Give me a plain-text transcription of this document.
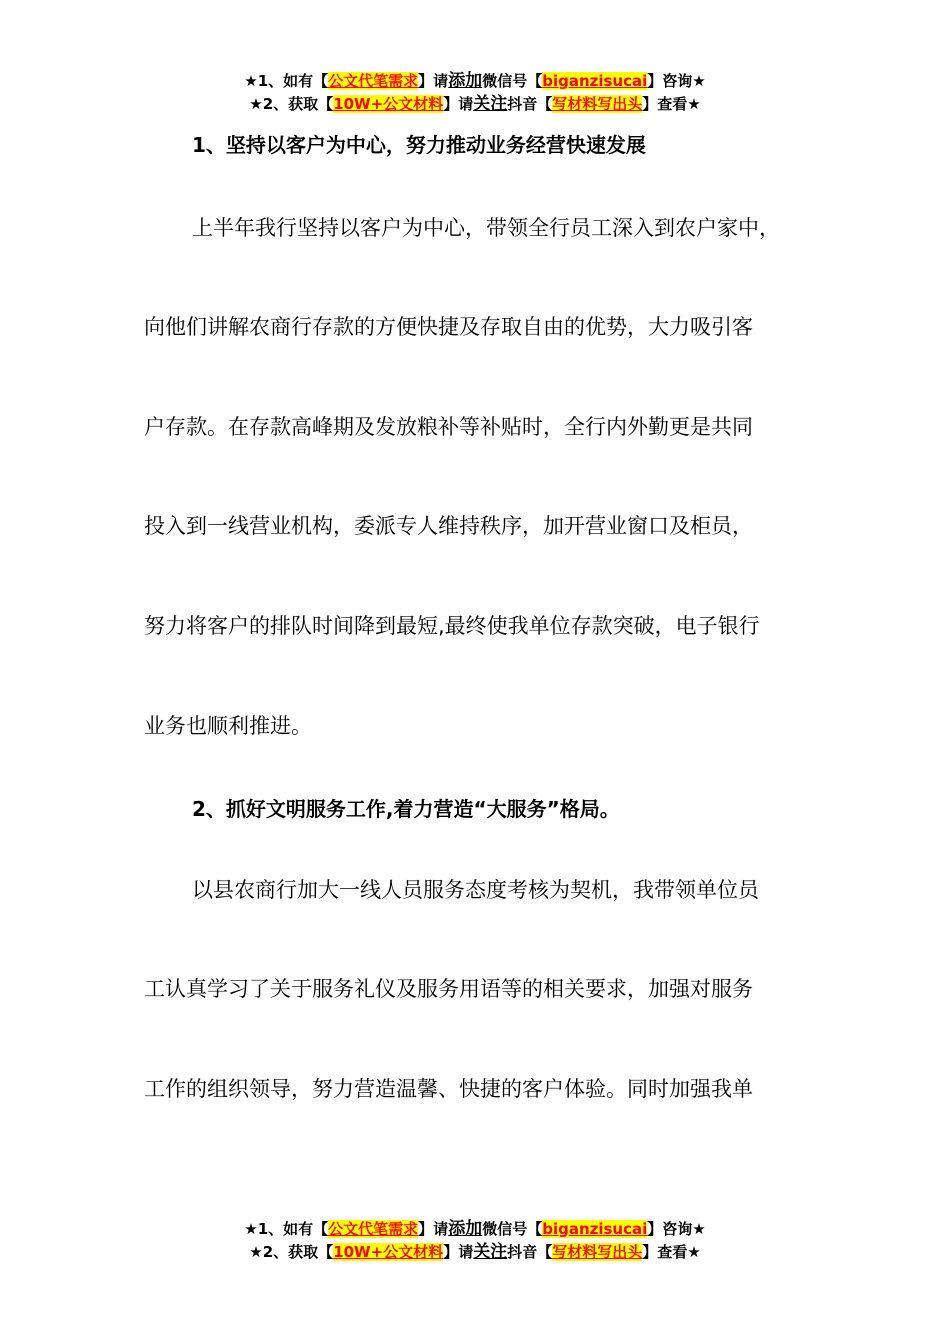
★1、如有【公文代笔需求】请添加微信号【biganzisucai】咨询★
★2、获取【10W+公文材料】请关注抖音【写材料写出头】查看★
1、坚持以客户为中心，努力推动业务经营快速发展
上半年我行坚持以客户为中心，带领全行员工深入到农户家中，
向他们讲解农商行存款的方便快捷及存取自由的优势，大力吸引客
户存款。在存款高峰期及发放粮补等补贴时，全行内外勤更是共同
投入到一线营业机构，委派专人维持秩序，加开营业窗口及柜员，
努力将客户的排队时间降到最短,最终使我单位存款突破，电子银行
业务也顺利推进。
2、抓好文明服务工作,着力营造“大服务”格局。
以县农商行加大一线人员服务态度考核为契机，我带领单位员
工认真学习了关于服务礼仪及服务用语等的相关要求，加强对服务
工作的组织领导，努力营造温馨、快捷的客户体验。同时加强我单
★1、如有【公文代笔需求】请添加微信号【biganzisucai】咨询★
★2、获取【10W+公文材料】请关注抖音【写材料写出头】查看★
